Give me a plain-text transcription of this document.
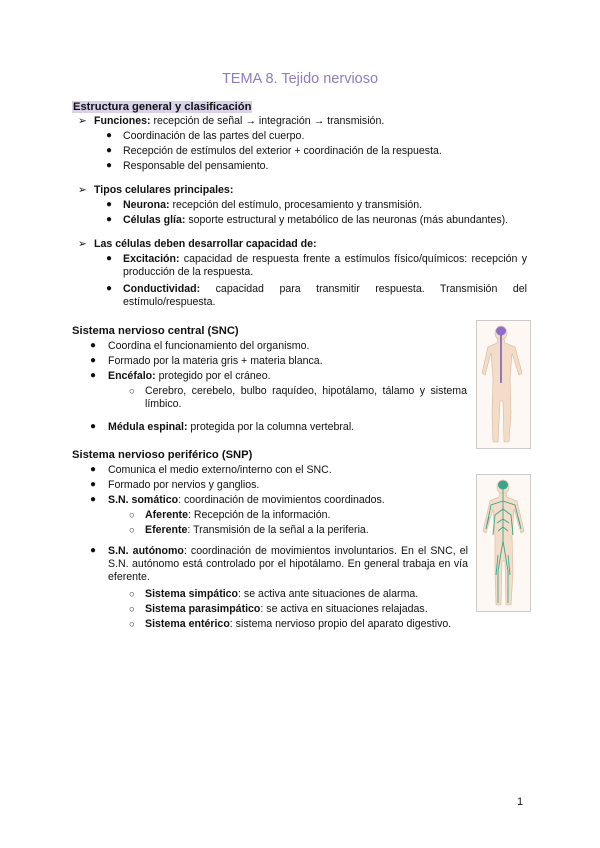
TEMA 8. Tejido nervioso
Estructura general y clasificación
➢ Funciones: recepción de señal → integración → transmisión.
● Coordinación de las partes del cuerpo.
● Recepción de estímulos del exterior + coordinación de la respuesta.
● Responsable del pensamiento.
➢ Tipos celulares principales:
● Neurona: recepción del estímulo, procesamiento y transmisión.
● Células glía: soporte estructural y metabólico de las neuronas (más abundantes).
➢ Las células deben desarrollar capacidad de:
● Excitación: capacidad de respuesta frente a estímulos físico/químicos: recepción y producción de la respuesta.
● Conductividad: capacidad para transmitir respuesta. Transmisión del estímulo/respuesta.
Sistema nervioso central (SNC)
● Coordina el funcionamiento del organismo.
● Formado por la materia gris + materia blanca.
● Encéfalo: protegido por el cráneo.
○ Cerebro, cerebelo, bulbo raquídeo, hipotálamo, tálamo y sistema límbico.
● Médula espinal: protegida por la columna vertebral.
Sistema nervioso periférico (SNP)
● Comunica el medio externo/interno con el SNC.
● Formado por nervios y ganglios.
● S.N. somático: coordinación de movimientos coordinados.
○ Aferente: Recepción de la información.
○ Eferente: Transmisión de la señal a la periferia.
● S.N. autónomo: coordinación de movimientos involuntarios. En el SNC, el S.N. autónomo está controlado por el hipotálamo. En general trabaja en vía eferente.
○ Sistema simpático: se activa ante situaciones de alarma.
○ Sistema parasimpático: se activa en situaciones relajadas.
○ Sistema entérico: sistema nervioso propio del aparato digestivo.
1
